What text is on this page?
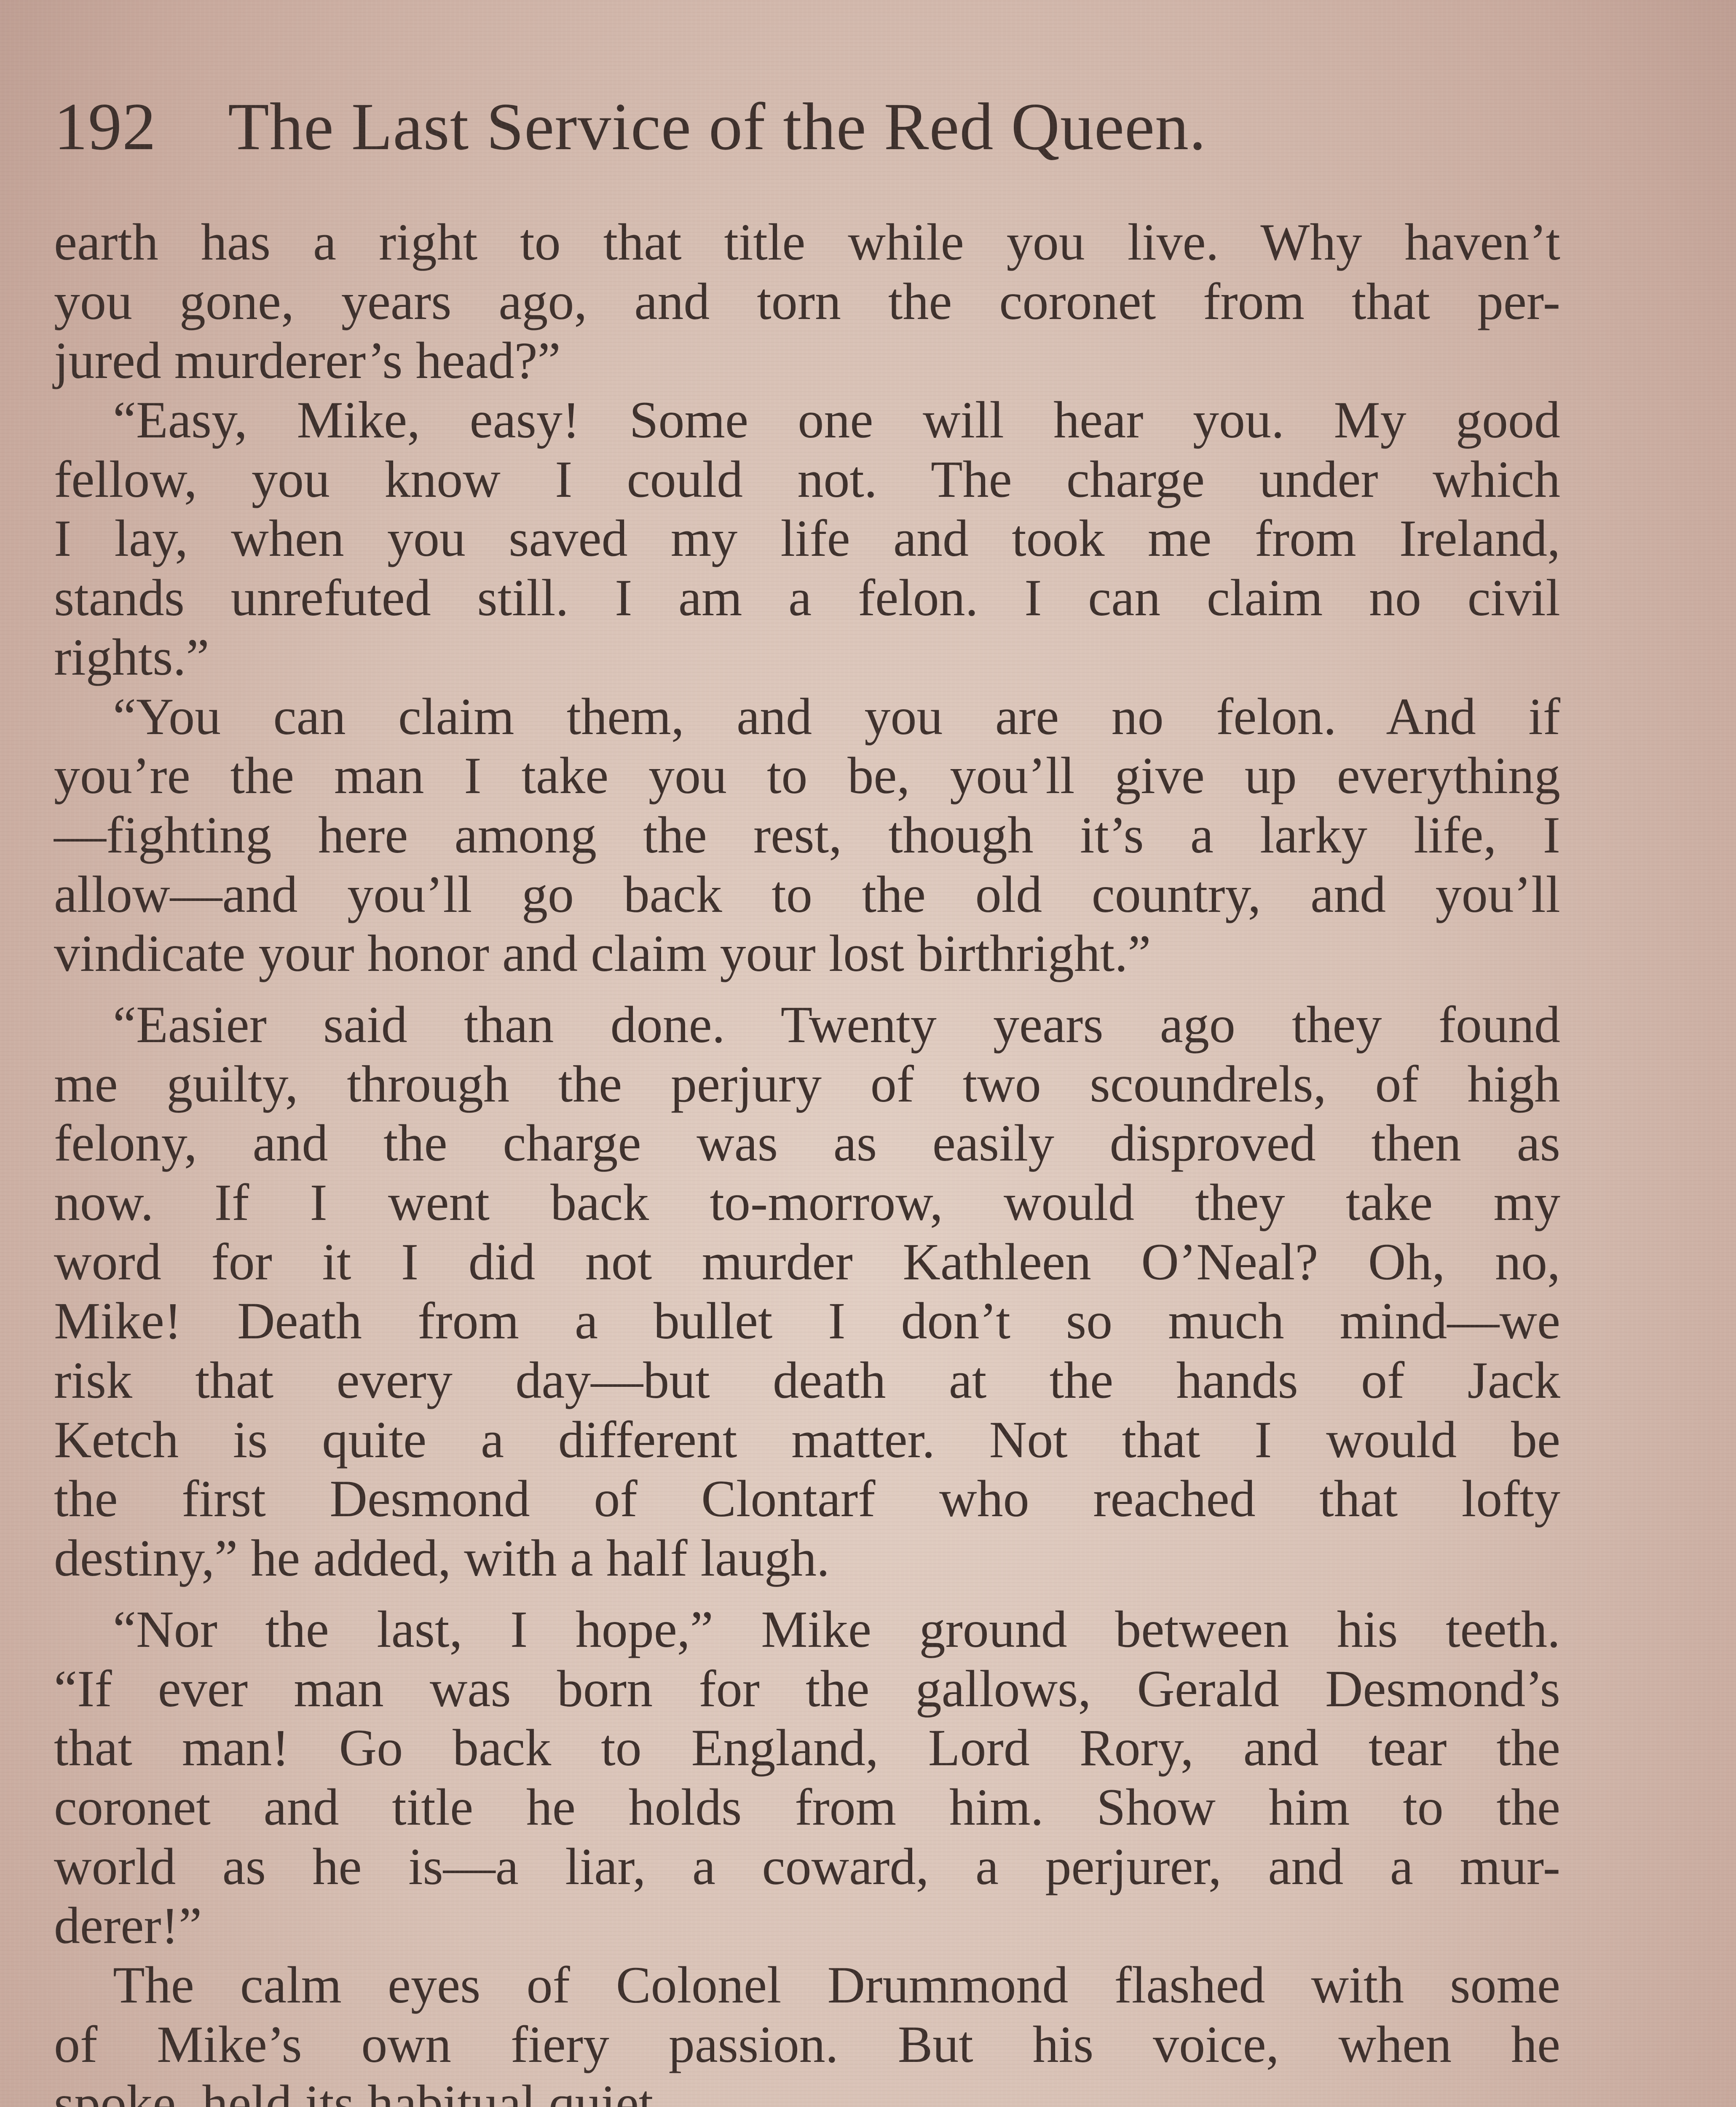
192 The Last Service of the Red Queen.
earth has a right to that title while you live. Why haven’t
you gone, years ago, and torn the coronet from that per-
jured murderer’s head?”
“Easy, Mike, easy! Some one will hear you. My good
fellow, you know I could not. The charge under which
I lay, when you saved my life and took me from Ireland,
stands unrefuted still. I am a felon. I can claim no civil
rights.”
“You can claim them, and you are no felon. And if
you’re the man I take you to be, you’ll give up everything
—fighting here among the rest, though it’s a larky life, I
allow—and you’ll go back to the old country, and you’ll
vindicate your honor and claim your lost birthright.”
“Easier said than done. Twenty years ago they found
me guilty, through the perjury of two scoundrels, of high
felony, and the charge was as easily disproved then as
now. If I went back to-morrow, would they take my
word for it I did not murder Kathleen O’Neal? Oh, no,
Mike! Death from a bullet I don’t so much mind—we
risk that every day—but death at the hands of Jack
Ketch is quite a different matter. Not that I would be
the first Desmond of Clontarf who reached that lofty
destiny,” he added, with a half laugh.
“Nor the last, I hope,” Mike ground between his teeth.
“If ever man was born for the gallows, Gerald Desmond’s
that man! Go back to England, Lord Rory, and tear the
coronet and title he holds from him. Show him to the
world as he is—a liar, a coward, a perjurer, and a mur-
derer!”
The calm eyes of Colonel Drummond flashed with some
of Mike’s own fiery passion. But his voice, when he
spoke, held its habitual quiet.
